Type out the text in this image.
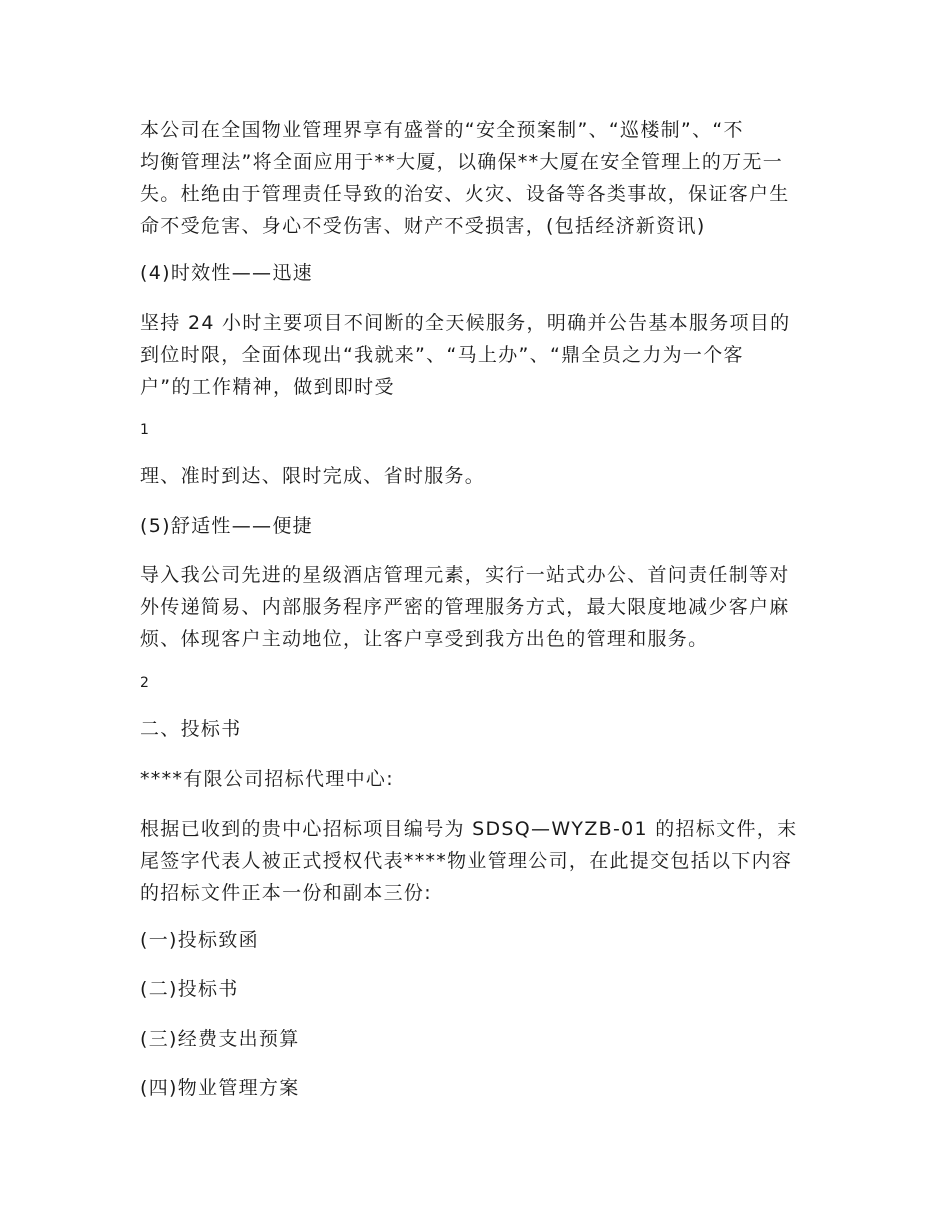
本公司在全国物业管理界享有盛誉的“安全预案制”、“巡楼制”、“不
均衡管理法”将全面应用于**大厦，以确保**大厦在安全管理上的万无一
失。杜绝由于管理责任导致的治安、火灾、设备等各类事故，保证客户生
命不受危害、身心不受伤害、财产不受损害，(包括经济新资讯)
(4)时效性——迅速
坚持 24 小时主要项目不间断的全天候服务，明确并公告基本服务项目的
到位时限，全面体现出“我就来”、“马上办”、“鼎全员之力为一个客
户”的工作精神，做到即时受
1
理、准时到达、限时完成、省时服务。
(5)舒适性——便捷
导入我公司先进的星级酒店管理元素，实行一站式办公、首问责任制等对
外传递简易、内部服务程序严密的管理服务方式，最大限度地减少客户麻
烦、体现客户主动地位，让客户享受到我方出色的管理和服务。
2
二、投标书
****有限公司招标代理中心:
根据已收到的贵中心招标项目编号为 SDSQ—WYZB-01 的招标文件，末
尾签字代表人被正式授权代表****物业管理公司，在此提交包括以下内容
的招标文件正本一份和副本三份:
(一)投标致函
(二)投标书
(三)经费支出预算
(四)物业管理方案
